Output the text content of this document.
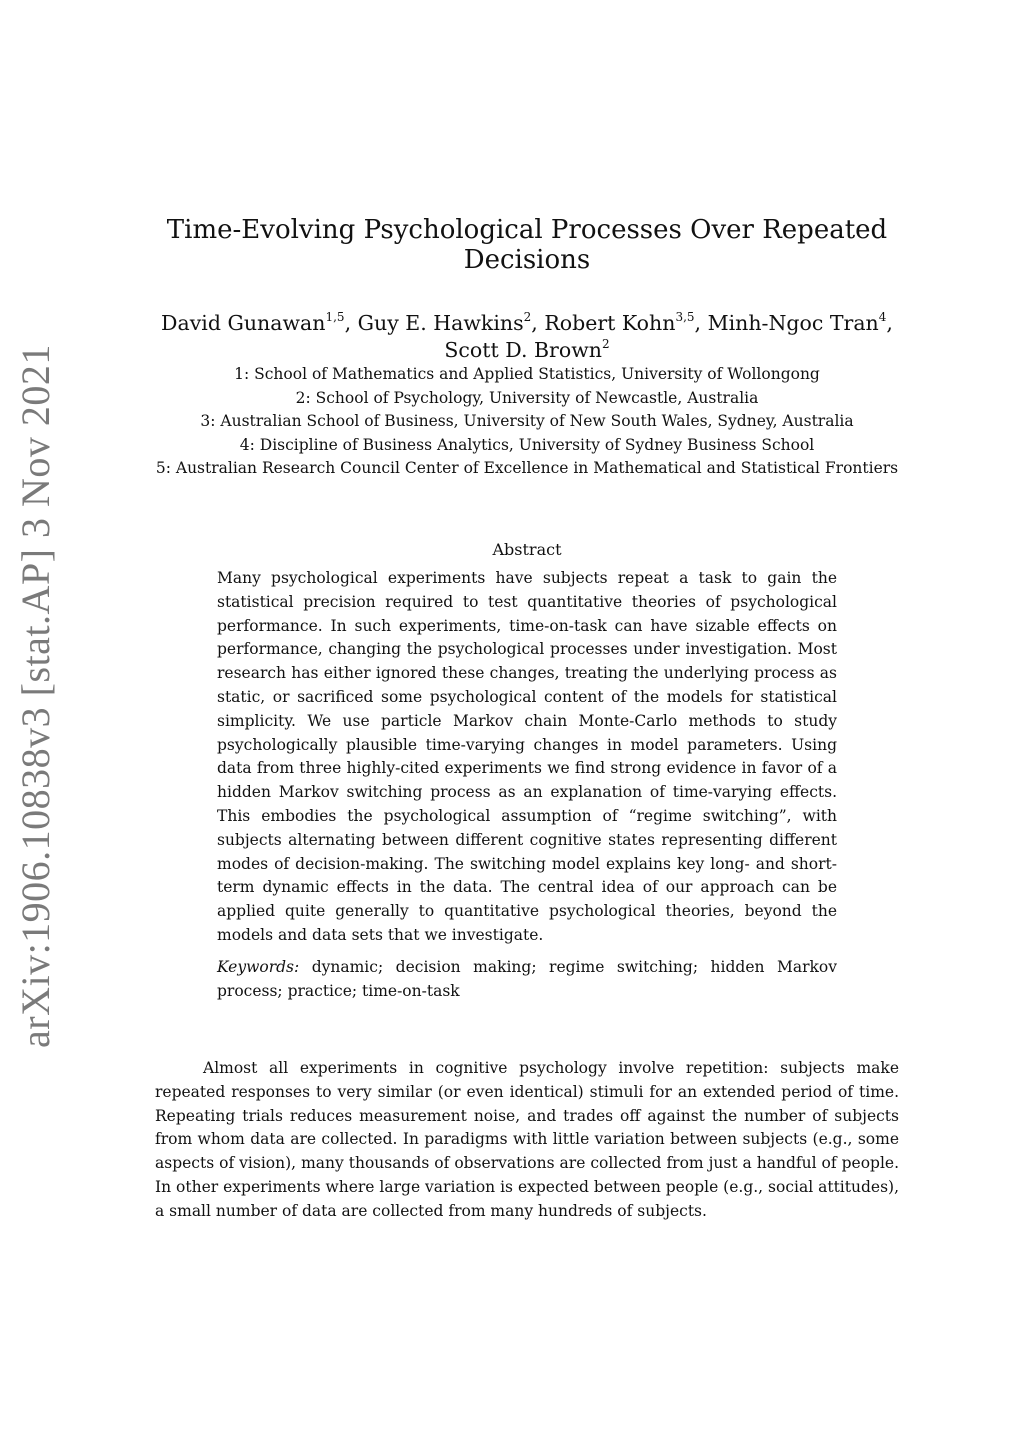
arXiv:1906.10838v3 [stat.AP] 3 Nov 2021
Time-Evolving Psychological Processes Over Repeated Decisions
David Gunawan$^{1,5}$, Guy E. Hawkins$^2$, Robert Kohn$^{3,5}$, Minh-Ngoc Tran$^4$, Scott D. Brown$^2$
1: School of Mathematics and Applied Statistics, University of Wollongong
2: School of Psychology, University of Newcastle, Australia
3: Australian School of Business, University of New South Wales, Sydney, Australia
4: Discipline of Business Analytics, University of Sydney Business School
5: Australian Research Council Center of Excellence in Mathematical and Statistical Frontiers
Abstract

Many psychological experiments have subjects repeat a task to gain the statistical precision required to test quantitative theories of psychological performance. In such experiments, time-on-task can have sizable effects on performance, changing the psychological processes under investigation. Most research has either ignored these changes, treating the underlying process as static, or sacrificed some psychological content of the models for statistical simplicity. We use particle Markov chain Monte-Carlo methods to study psychologically plausible time-varying changes in model parameters. Using data from three highly-cited experiments we find strong evidence in favor of a hidden Markov switching process as an explanation of time-varying effects. This embodies the psychological assumption of “regime switching”, with subjects alternating between different cognitive states representing different modes of decision-making. The switching model explains key long- and short-term dynamic effects in the data. The central idea of our approach can be applied quite generally to quantitative psychological theories, beyond the models and data sets that we investigate.

Keywords: dynamic; decision making; regime switching; hidden Markov process; practice; time-on-task

Almost all experiments in cognitive psychology involve repetition: subjects make repeated responses to very similar (or even identical) stimuli for an extended period of time. Repeating trials reduces measurement noise, and trades off against the number of subjects from whom data are collected. In paradigms with little variation between subjects (e.g., some aspects of vision), many thousands of observations are collected from just a handful of people. In other experiments where large variation is expected between people (e.g., social attitudes), a small number of data are collected from many hundreds of subjects.
